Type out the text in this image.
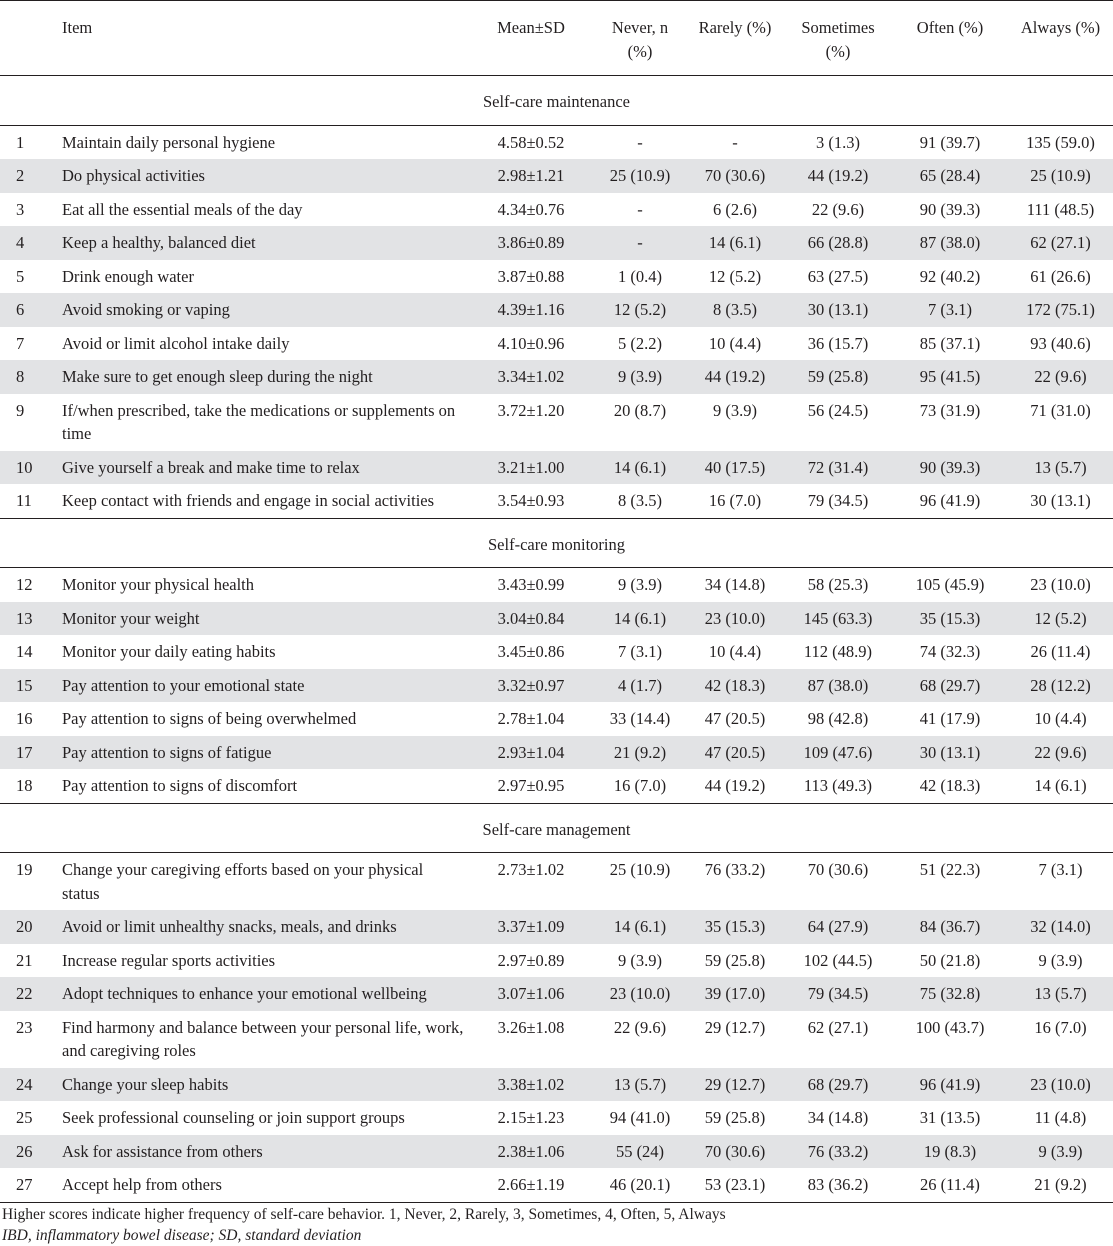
	Item	Mean±SD	Never, n (%)	Rarely (%)	Sometimes (%)	Often (%)	Always (%)
Self-care maintenance							
1	Maintain daily personal hygiene	4.58±0.52	-	-	3 (1.3)	91 (39.7)	135 (59.0)
2	Do physical activities	2.98±1.21	25 (10.9)	70 (30.6)	44 (19.2)	65 (28.4)	25 (10.9)
3	Eat all the essential meals of the day	4.34±0.76	-	6 (2.6)	22 (9.6)	90 (39.3)	111 (48.5)
4	Keep a healthy, balanced diet	3.86±0.89	-	14 (6.1)	66 (28.8)	87 (38.0)	62 (27.1)
5	Drink enough water	3.87±0.88	1 (0.4)	12 (5.2)	63 (27.5)	92 (40.2)	61 (26.6)
6	Avoid smoking or vaping	4.39±1.16	12 (5.2)	8 (3.5)	30 (13.1)	7 (3.1)	172 (75.1)
7	Avoid or limit alcohol intake daily	4.10±0.96	5 (2.2)	10 (4.4)	36 (15.7)	85 (37.1)	93 (40.6)
8	Make sure to get enough sleep during the night	3.34±1.02	9 (3.9)	44 (19.2)	59 (25.8)	95 (41.5)	22 (9.6)
9	If/when prescribed, take the medications or supplements on time	3.72±1.20	20 (8.7)	9 (3.9)	56 (24.5)	73 (31.9)	71 (31.0)
10	Give yourself a break and make time to relax	3.21±1.00	14 (6.1)	40 (17.5)	72 (31.4)	90 (39.3)	13 (5.7)
11	Keep contact with friends and engage in social activities	3.54±0.93	8 (3.5)	16 (7.0)	79 (34.5)	96 (41.9)	30 (13.1)
Self-care monitoring							
12	Monitor your physical health	3.43±0.99	9 (3.9)	34 (14.8)	58 (25.3)	105 (45.9)	23 (10.0)
13	Monitor your weight	3.04±0.84	14 (6.1)	23 (10.0)	145 (63.3)	35 (15.3)	12 (5.2)
14	Monitor your daily eating habits	3.45±0.86	7 (3.1)	10 (4.4)	112 (48.9)	74 (32.3)	26 (11.4)
15	Pay attention to your emotional state	3.32±0.97	4 (1.7)	42 (18.3)	87 (38.0)	68 (29.7)	28 (12.2)
16	Pay attention to signs of being overwhelmed	2.78±1.04	33 (14.4)	47 (20.5)	98 (42.8)	41 (17.9)	10 (4.4)
17	Pay attention to signs of fatigue	2.93±1.04	21 (9.2)	47 (20.5)	109 (47.6)	30 (13.1)	22 (9.6)
18	Pay attention to signs of discomfort	2.97±0.95	16 (7.0)	44 (19.2)	113 (49.3)	42 (18.3)	14 (6.1)
Self-care management							
19	Change your caregiving efforts based on your physical status	2.73±1.02	25 (10.9)	76 (33.2)	70 (30.6)	51 (22.3)	7 (3.1)
20	Avoid or limit unhealthy snacks, meals, and drinks	3.37±1.09	14 (6.1)	35 (15.3)	64 (27.9)	84 (36.7)	32 (14.0)
21	Increase regular sports activities	2.97±0.89	9 (3.9)	59 (25.8)	102 (44.5)	50 (21.8)	9 (3.9)
22	Adopt techniques to enhance your emotional wellbeing	3.07±1.06	23 (10.0)	39 (17.0)	79 (34.5)	75 (32.8)	13 (5.7)
23	Find harmony and balance between your personal life, work, and caregiving roles	3.26±1.08	22 (9.6)	29 (12.7)	62 (27.1)	100 (43.7)	16 (7.0)
24	Change your sleep habits	3.38±1.02	13 (5.7)	29 (12.7)	68 (29.7)	96 (41.9)	23 (10.0)
25	Seek professional counseling or join support groups	2.15±1.23	94 (41.0)	59 (25.8)	34 (14.8)	31 (13.5)	11 (4.8)
26	Ask for assistance from others	2.38±1.06	55 (24)	70 (30.6)	76 (33.2)	19 (8.3)	9 (3.9)
27	Accept help from others	2.66±1.19	46 (20.1)	53 (23.1)	83 (36.2)	26 (11.4)	21 (9.2)
Higher scores indicate higher frequency of self-care behavior. 1, Never, 2, Rarely, 3, Sometimes, 4, Often, 5, Always
IBD, inflammatory bowel disease; SD, standard deviation
